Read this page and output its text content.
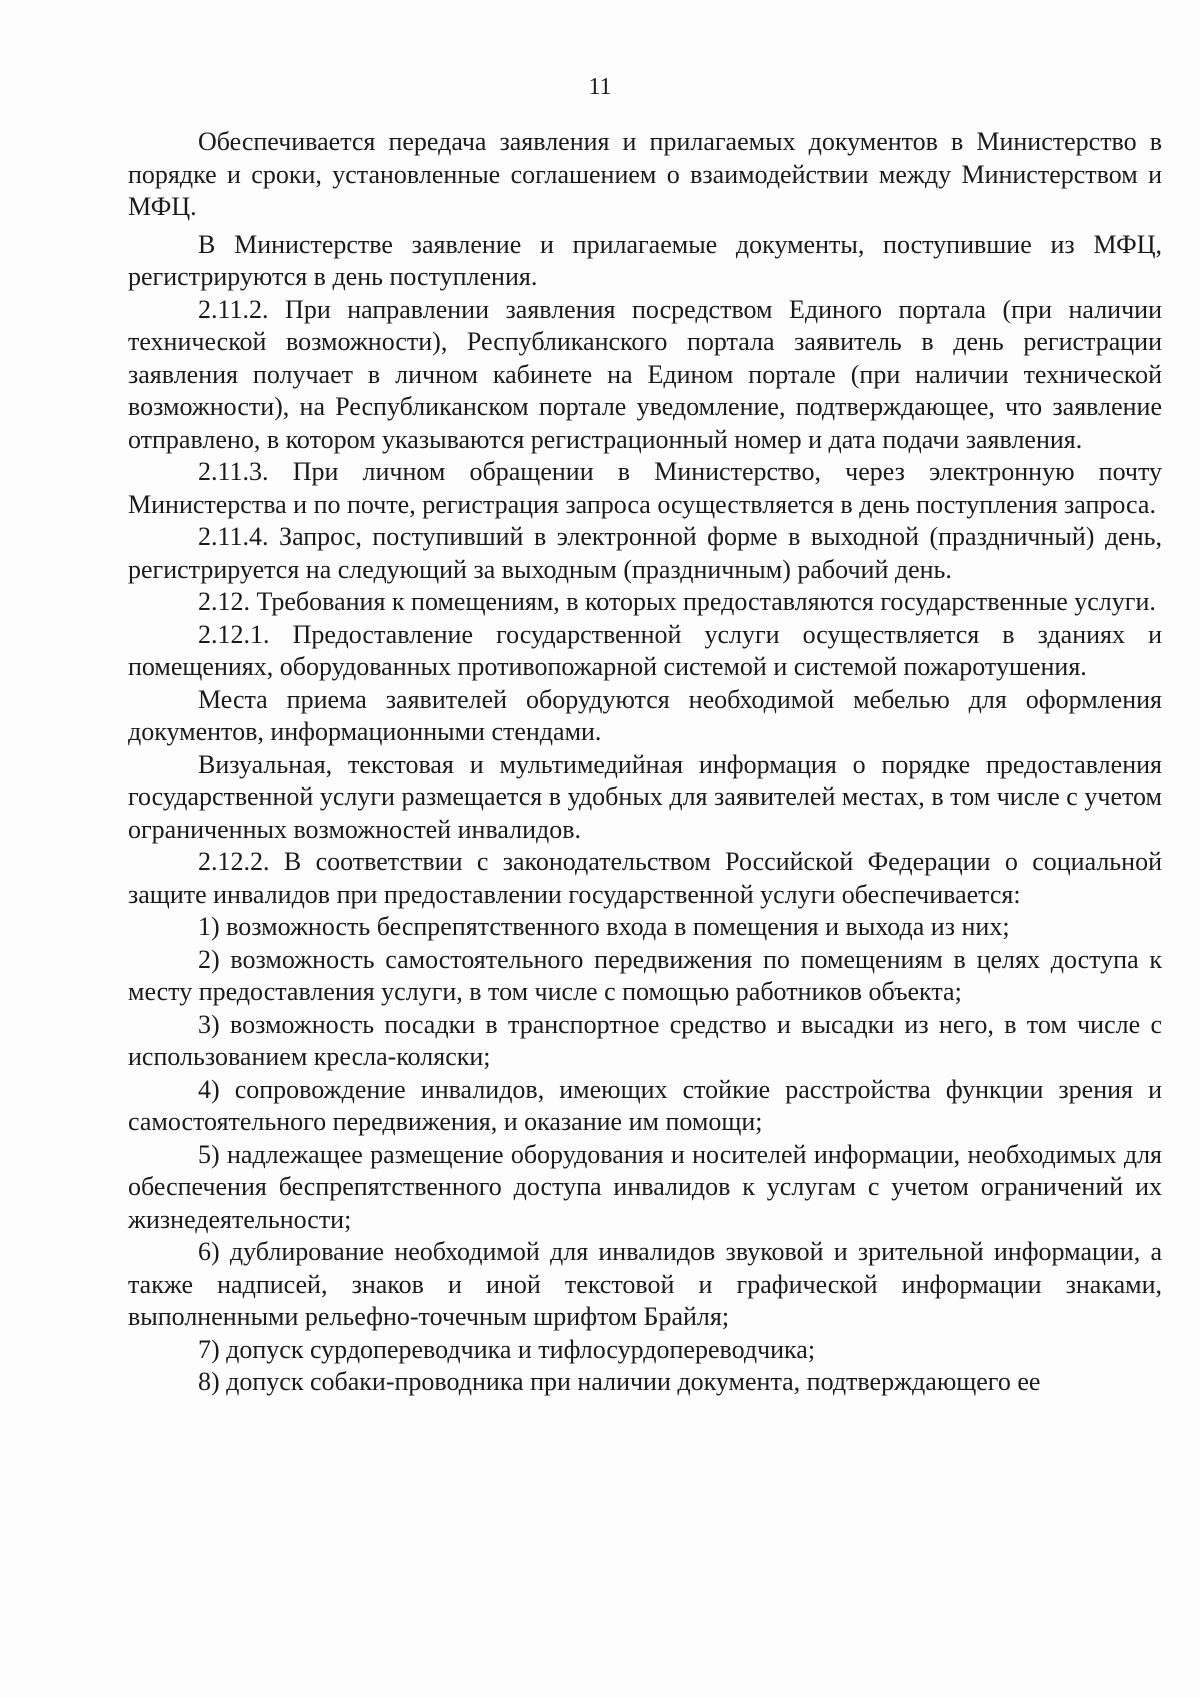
11

Обеспечивается передача заявления и прилагаемых документов в Министерство в порядке и сроки, установленные соглашением о взаимодействии между Министерством и МФЦ.

В Министерстве заявление и прилагаемые документы, поступившие из МФЦ, регистрируются в день поступления.

2.11.2. При направлении заявления посредством Единого портала (при наличии технической возможности), Республиканского портала заявитель в день регистрации заявления получает в личном кабинете на Едином портале (при наличии технической возможности), на Республиканском портале уведомление, подтверждающее, что заявление отправлено, в котором указываются регистрационный номер и дата подачи заявления.

2.11.3. При личном обращении в Министерство, через электронную почту Министерства и по почте, регистрация запроса осуществляется в день поступления запроса.

2.11.4. Запрос, поступивший в электронной форме в выходной (праздничный) день, регистрируется на следующий за выходным (праздничным) рабочий день.

2.12. Требования к помещениям, в которых предоставляются государственные услуги.

2.12.1. Предоставление государственной услуги осуществляется в зданиях и помещениях, оборудованных противопожарной системой и системой пожаротушения.

Места приема заявителей оборудуются необходимой мебелью для оформления документов, информационными стендами.

Визуальная, текстовая и мультимедийная информация о порядке предоставления государственной услуги размещается в удобных для заявителей местах, в том числе с учетом ограниченных возможностей инвалидов.

2.12.2. В соответствии с законодательством Российской Федерации о социальной защите инвалидов при предоставлении государственной услуги обеспечивается:

1) возможность беспрепятственного входа в помещения и выхода из них;

2) возможность самостоятельного передвижения по помещениям в целях доступа к месту предоставления услуги, в том числе с помощью работников объекта;

3) возможность посадки в транспортное средство и высадки из него, в том числе с использованием кресла-коляски;

4) сопровождение инвалидов, имеющих стойкие расстройства функции зрения и самостоятельного передвижения, и оказание им помощи;

5) надлежащее размещение оборудования и носителей информации, необходимых для обеспечения беспрепятственного доступа инвалидов к услугам с учетом ограничений их жизнедеятельности;

6) дублирование необходимой для инвалидов звуковой и зрительной информации, а также надписей, знаков и иной текстовой и графической информации знаками, выполненными рельефно-точечным шрифтом Брайля;

7) допуск сурдопереводчика и тифлосурдопереводчика;

8) допуск собаки-проводника при наличии документа, подтверждающего ее
